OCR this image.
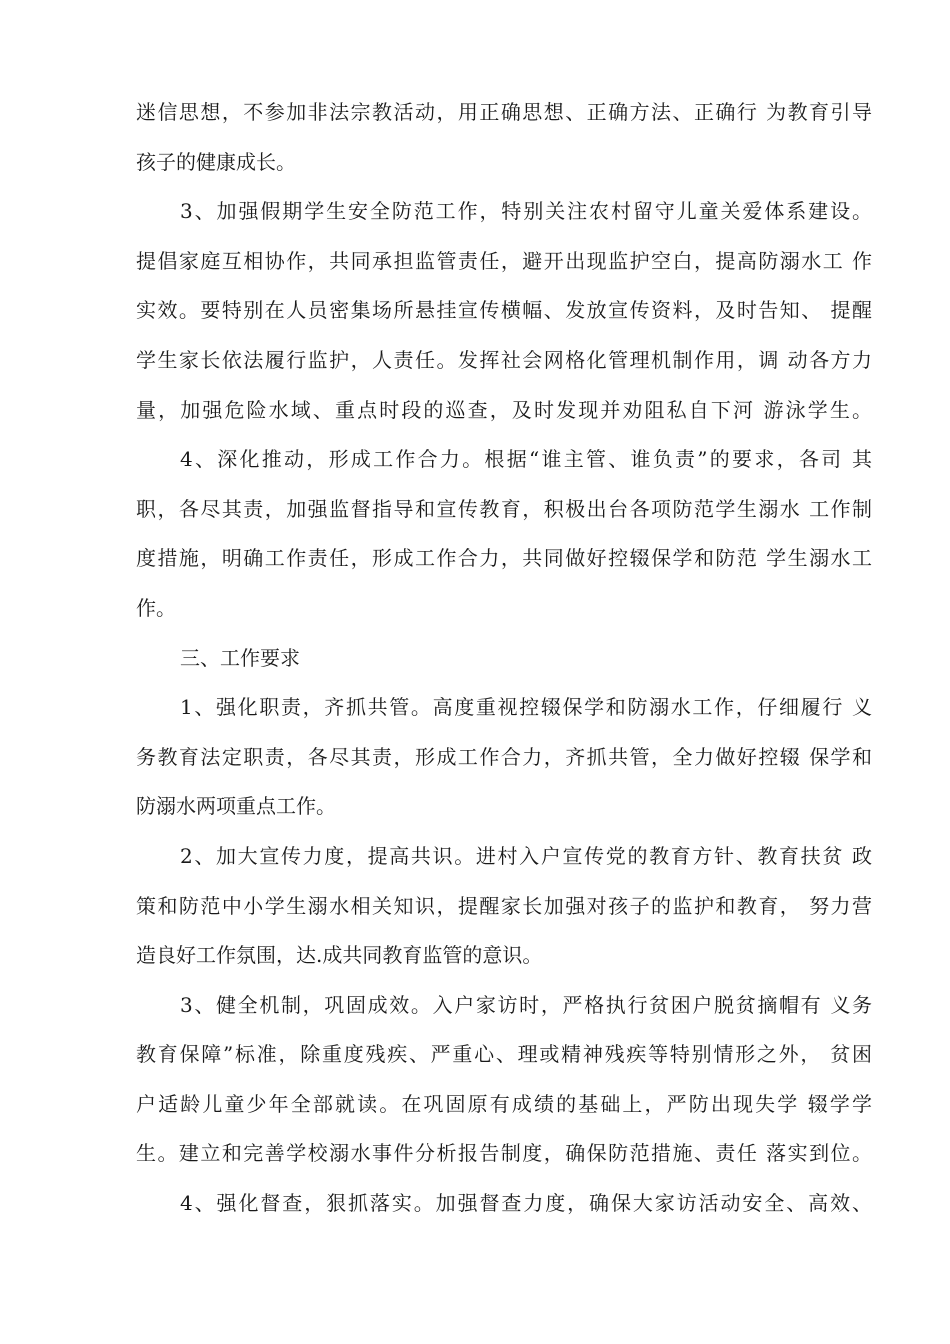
迷信思想，不参加非法宗教活动，用正确思想、正确方法、正确行 为教育引导
孩子的健康成长。
3、加强假期学生安全防范工作，特别关注农村留守儿童关爱体系建设。
提倡家庭互相协作，共同承担监管责任，避开出现监护空白，提高防溺水工 作
实效。要特别在人员密集场所悬挂宣传横幅、发放宣传资料，及时告知、 提醒
学生家长依法履行监护，人责任。发挥社会网格化管理机制作用，调 动各方力
量，加强危险水域、重点时段的巡查，及时发现并劝阻私自下河 游泳学生。
4、深化推动，形成工作合力。根据“谁主管、谁负责”的要求，各司 其
职，各尽其责，加强监督指导和宣传教育，积极出台各项防范学生溺水 工作制
度措施，明确工作责任，形成工作合力，共同做好控辍保学和防范 学生溺水工
作。
三、工作要求
1、强化职责，齐抓共管。高度重视控辍保学和防溺水工作，仔细履行 义
务教育法定职责，各尽其责，形成工作合力，齐抓共管，全力做好控辍 保学和
防溺水两项重点工作。
2、加大宣传力度，提高共识。进村入户宣传党的教育方针、教育扶贫 政
策和防范中小学生溺水相关知识，提醒家长加强对孩子的监护和教育， 努力营
造良好工作氛围，达.成共同教育监管的意识。
3、健全机制，巩固成效。入户家访时，严格执行贫困户脱贫摘帽有 义务
教育保障”标准，除重度残疾、严重心、理或精神残疾等特别情形之外， 贫困
户适龄儿童少年全部就读。在巩固原有成绩的基础上，严防出现失学 辍学学
生。建立和完善学校溺水事件分析报告制度，确保防范措施、责任 落实到位。
4、强化督查，狠抓落实。加强督查力度，确保大家访活动安全、高效、
